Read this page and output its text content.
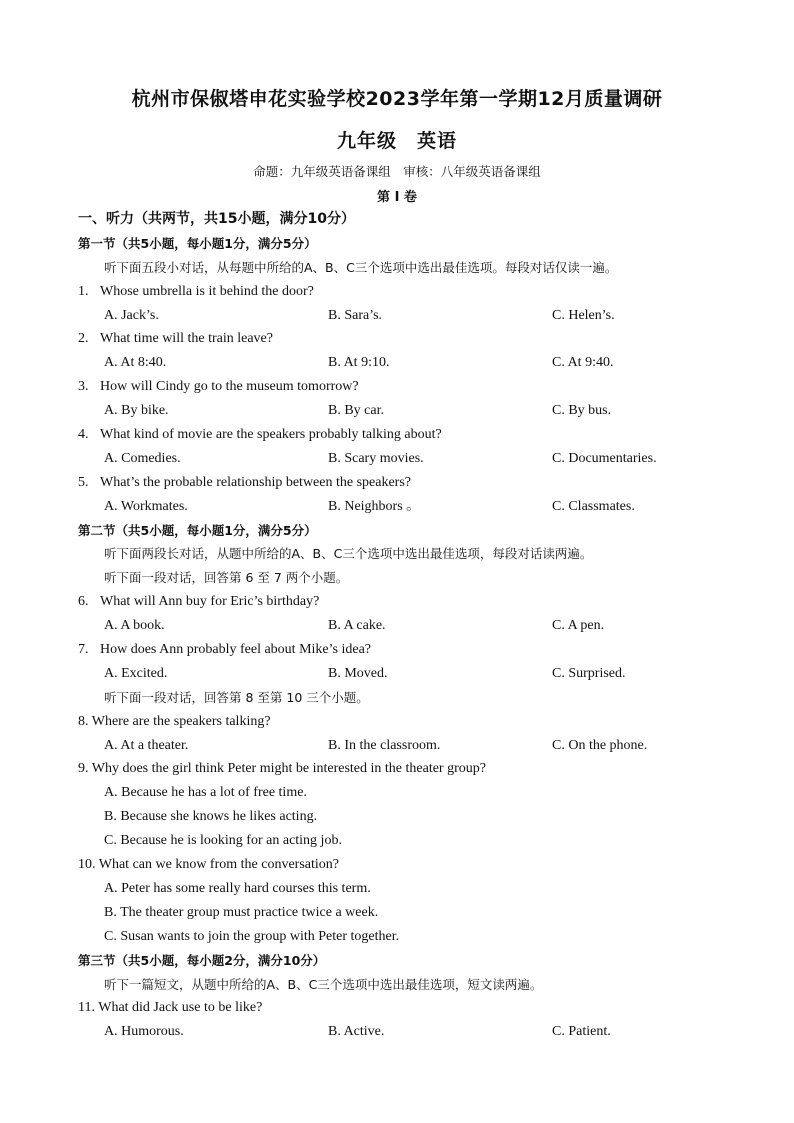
杭州市保俶塔申花实验学校2023学年第一学期12月质量调研
九年级　英语
命题：九年级英语备课组　审核：八年级英语备课组
第 I 卷
一、听力（共两节，共15小题，满分10分）
第一节（共5小题，每小题1分，满分5分）
听下面五段小对话，从每题中所给的A、B、C三个选项中选出最佳选项。每段对话仅读一遍。
1. Whose umbrella is it behind the door?
A. Jack’s.	B. Sara’s.	C. Helen’s.
2. What time will the train leave?
A. At 8:40.	B. At 9:10.	C. At 9:40.
3. How will Cindy go to the museum tomorrow?
A. By bike.	B. By car.	C. By bus.
4. What kind of movie are the speakers probably talking about?
A. Comedies.	B. Scary movies.	C. Documentaries.
5. What’s the probable relationship between the speakers?
A. Workmates.	B. Neighbors 。	C. Classmates.
第二节（共5小题，每小题1分，满分5分）
听下面两段长对话，从题中所给的A、B、C三个选项中选出最佳选项，每段对话读两遍。
听下面一段对话，回答第 6 至 7 两个小题。
6. What will Ann buy for Eric’s birthday?
A. A book.	B. A cake.	C. A pen.
7. How does Ann probably feel about Mike’s idea?
A. Excited.	B. Moved.	C. Surprised.
听下面一段对话，回答第 8 至第 10 三个小题。
8. Where are the speakers talking?
A. At a theater.	B. In the classroom.	C. On the phone.
9. Why does the girl think Peter might be interested in the theater group?
A. Because he has a lot of free time.
B. Because she knows he likes acting.
C. Because he is looking for an acting job.
10. What can we know from the conversation?
A. Peter has some really hard courses this term.
B. The theater group must practice twice a week.
C. Susan wants to join the group with Peter together.
第三节（共5小题，每小题2分，满分10分）
听下一篇短文，从题中所给的A、B、C三个选项中选出最佳选项，短文读两遍。
11. What did Jack use to be like?
A. Humorous.	B. Active.	C. Patient.
